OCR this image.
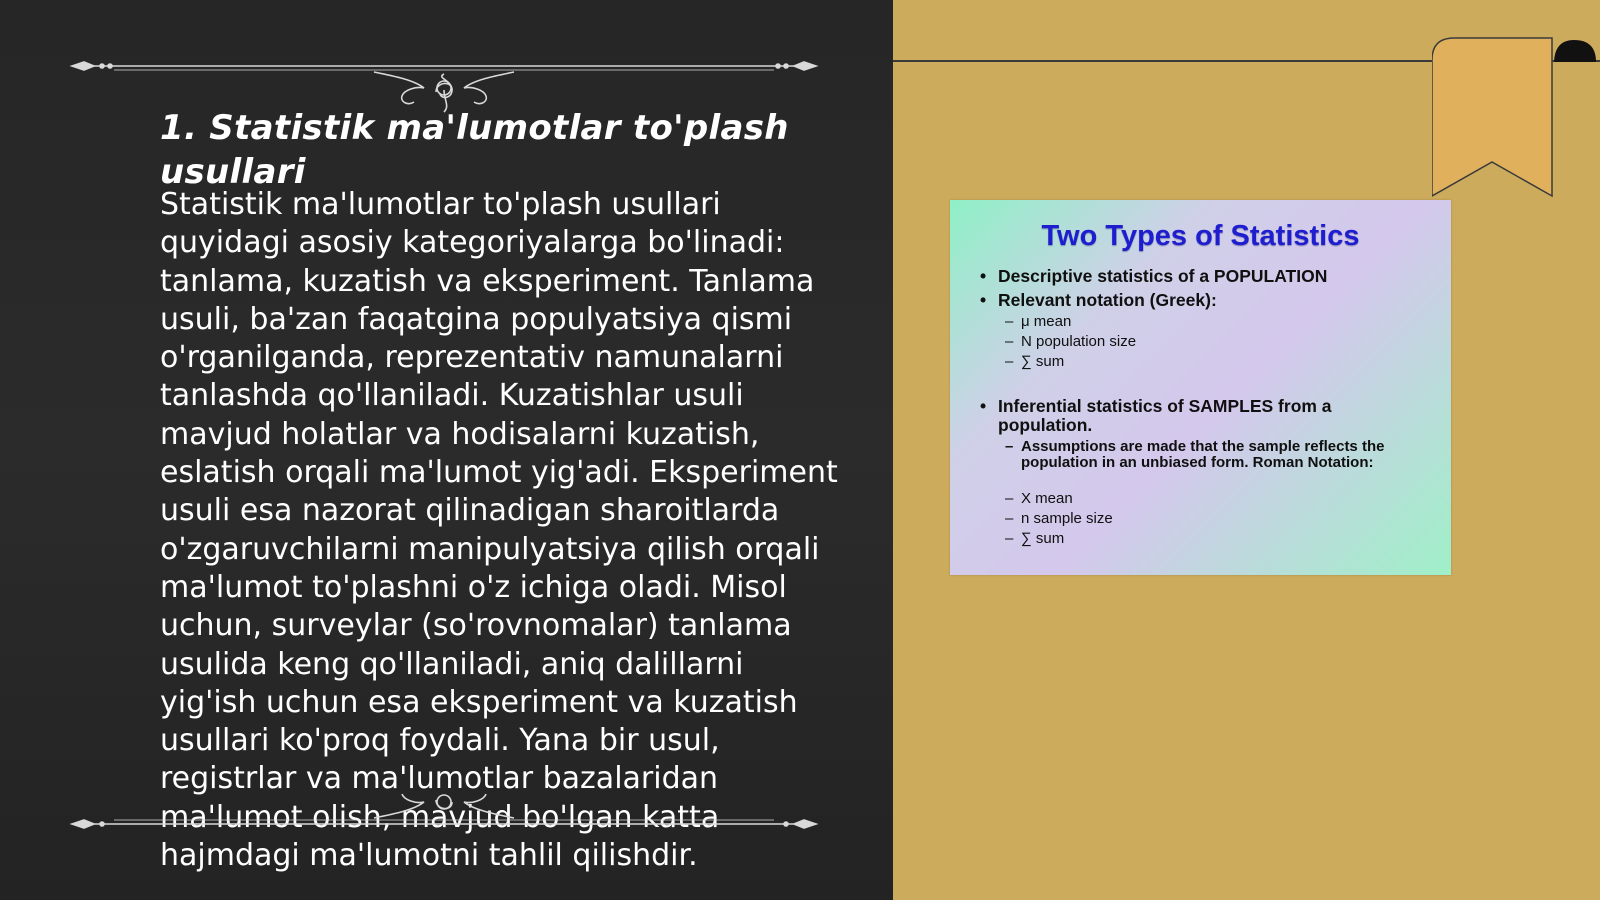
1. Statistik ma'lumotlar to'plash usullari

Statistik ma'lumotlar to'plash usullari quyidagi asosiy kategoriyalarga bo'linadi: tanlama, kuzatish va eksperiment. Tanlama usuli, ba'zan faqatgina populyatsiya qismi o'rganilganda, reprezentativ namunalarni tanlashda qo'llaniladi. Kuzatishlar usuli mavjud holatlar va hodisalarni kuzatish, eslatish orqali ma'lumot yig'adi. Eksperiment usuli esa nazorat qilinadigan sharoitlarda o'zgaruvchilarni manipulyatsiya qilish orqali ma'lumot to'plashni o'z ichiga oladi. Misol uchun, surveylar (so'rovnomalar) tanlama usulida keng qo'llaniladi, aniq dalillarni yig'ish uchun esa eksperiment va kuzatish usullari ko'proq foydali. Yana bir usul, registrlar va ma'lumotlar bazalaridan ma'lumot olish, mavjud bo'lgan katta hajmdagi ma'lumotni tahlil qilishdir.

Two Types of Statistics
• Descriptive statistics of a POPULATION
• Relevant notation (Greek):
– μ mean
– N population size
– ∑ sum
• Inferential statistics of SAMPLES from a population.
– Assumptions are made that the sample reflects the population in an unbiased form. Roman Notation:
– X mean
– n sample size
– ∑ sum
